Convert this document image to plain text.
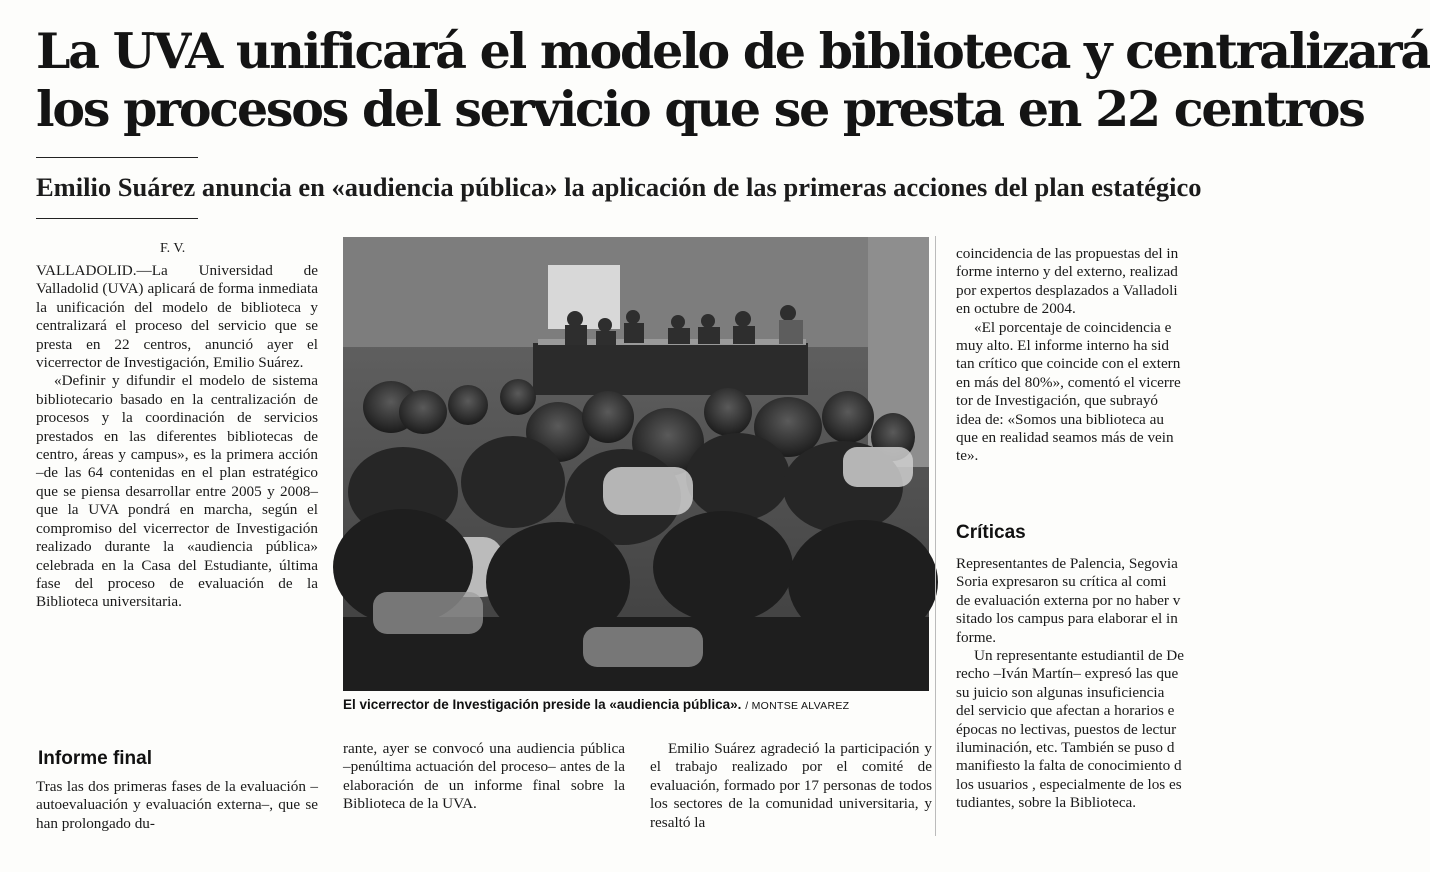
La UVA unificará el modelo de biblioteca y centralizará
los procesos del servicio que se presta en 22 centros
Emilio Suárez anuncia en «audiencia pública» la aplicación de las primeras acciones del plan estatégico
F. V.

VALLADOLID.—La Universidad de Valladolid (UVA) aplicará de forma inmediata la unificación del modelo de biblioteca y centralizará el proceso del servicio que se presta en 22 centros, anunció ayer el vicerrector de Investigación, Emilio Suárez.

«Definir y difundir el modelo de sistema bibliotecario basado en la centralización de procesos y la coordinación de servicios prestados en las diferentes bibliotecas de centro, áreas y campus», es la primera acción –de las 64 contenidas en el plan estratégico que se piensa desarrollar entre 2005 y 2008– que la UVA pondrá en marcha, según el compromiso del vicerrector de Investigación realizado durante la «audiencia pública» celebrada en la Casa del Estudiante, última fase del proceso de evaluación de la Biblioteca universitaria.

Informe final

Tras las dos primeras fases de la evaluación –autoevaluación y evaluación externa–, que se han prolongado du-

El vicerrector de Investigación preside la «audiencia pública». / MONTSE ALVAREZ

rante, ayer se convocó una audiencia pública –penúltima actuación del proceso– antes de la elaboración de un informe final sobre la Biblioteca de la UVA.

Emilio Suárez agradeció la participación y el trabajo realizado por el comité de evaluación, formado por 17 personas de todos los sectores de la comunidad universitaria, y resaltó la

coincidencia de las propuestas del in

forme interno y del externo, realizad

por expertos desplazados a Valladoli

en octubre de 2004.

«El porcentaje de coincidencia e

muy alto. El informe interno ha sid

tan crítico que coincide con el extern

en más del 80%», comentó el vicerre

tor de Investigación, que subrayó

idea de: «Somos una biblioteca au

que en realidad seamos más de vein

te».

Críticas

Representantes de Palencia, Segovia

Soria expresaron su crítica al comi

de evaluación externa por no haber v

sitado los campus para elaborar el in

forme.

Un representante estudiantil de De

recho –Iván Martín– expresó las que

su juicio son algunas insuficiencia

del servicio que afectan a horarios e

épocas no lectivas, puestos de lectur

iluminación, etc. También se puso d

manifiesto la falta de conocimiento d

los usuarios , especialmente de los es

tudiantes, sobre la Biblioteca.
